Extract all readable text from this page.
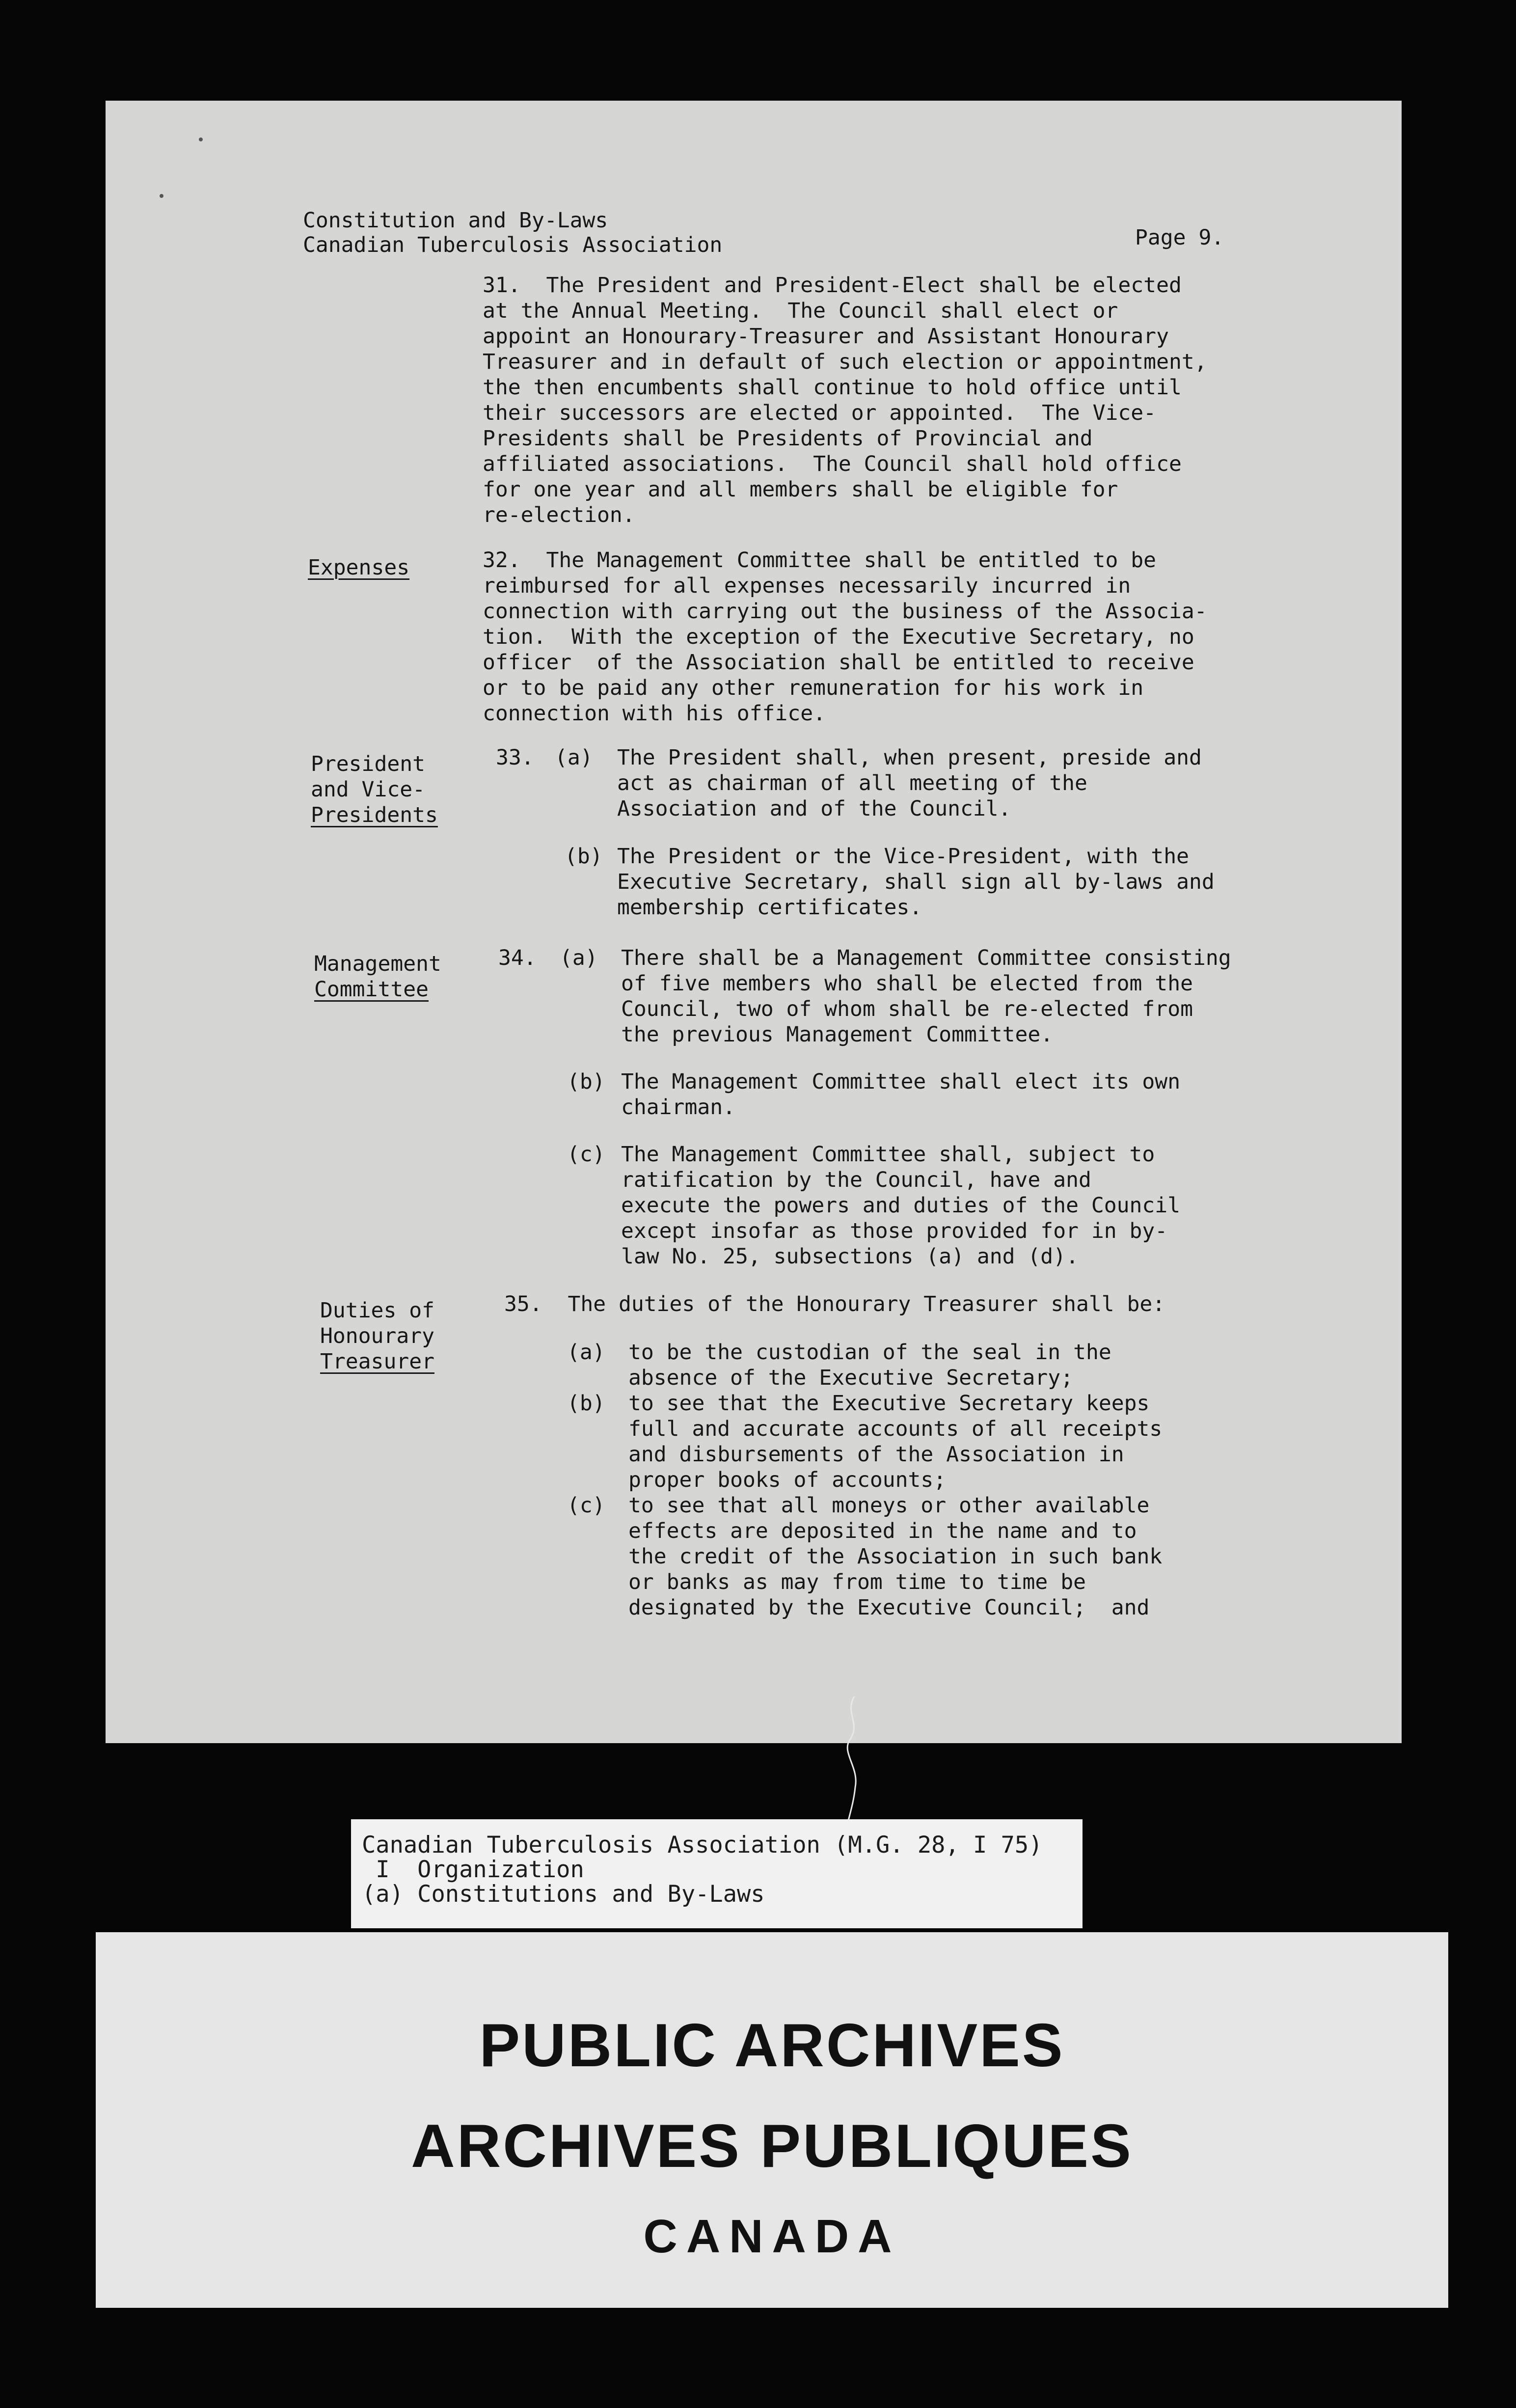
Constitution and By-Laws
Canadian Tuberculosis Association	Page 9.
31.  The President and President-Elect shall be elected
at the Annual Meeting.  The Council shall elect or
appoint an Honourary-Treasurer and Assistant Honourary
Treasurer and in default of such election or appointment,
the then encumbents shall continue to hold office until
their successors are elected or appointed.  The Vice-
Presidents shall be Presidents of Provincial and
affiliated associations.  The Council shall hold office
for one year and all members shall be eligible for
re-election.
Expenses	32.  The Management Committee shall be entitled to be
reimbursed for all expenses necessarily incurred in
connection with carrying out the business of the Associa-
tion.  With the exception of the Executive Secretary, no
officer  of the Association shall be entitled to receive
or to be paid any other remuneration for his work in
connection with his office.
President
and Vice-
Presidents
33. (a) The President shall, when present, preside and
act as chairman of all meeting of the
Association and of the Council.
(b) The President or the Vice-President, with the
Executive Secretary, shall sign all by-laws and
membership certificates.
Management
Committee
34. (a) There shall be a Management Committee consisting
of five members who shall be elected from the
Council, two of whom shall be re-elected from
the previous Management Committee.
(b) The Management Committee shall elect its own
chairman.
(c) The Management Committee shall, subject to
ratification by the Council, have and
execute the powers and duties of the Council
except insofar as those provided for in by-
law No. 25, subsections (a) and (d).
Duties of
Honourary
Treasurer
35.  The duties of the Honourary Treasurer shall be:
(a) to be the custodian of the seal in the
absence of the Executive Secretary;
(b) to see that the Executive Secretary keeps
full and accurate accounts of all receipts
and disbursements of the Association in
proper books of accounts;
(c) to see that all moneys or other available
effects are deposited in the name and to
the credit of the Association in such bank
or banks as may from time to time be
designated by the Executive Council;  and
Canadian Tuberculosis Association (M.G. 28, I 75)
I  Organization
(a) Constitutions and By-Laws
PUBLIC ARCHIVES
ARCHIVES PUBLIQUES
CANADA
